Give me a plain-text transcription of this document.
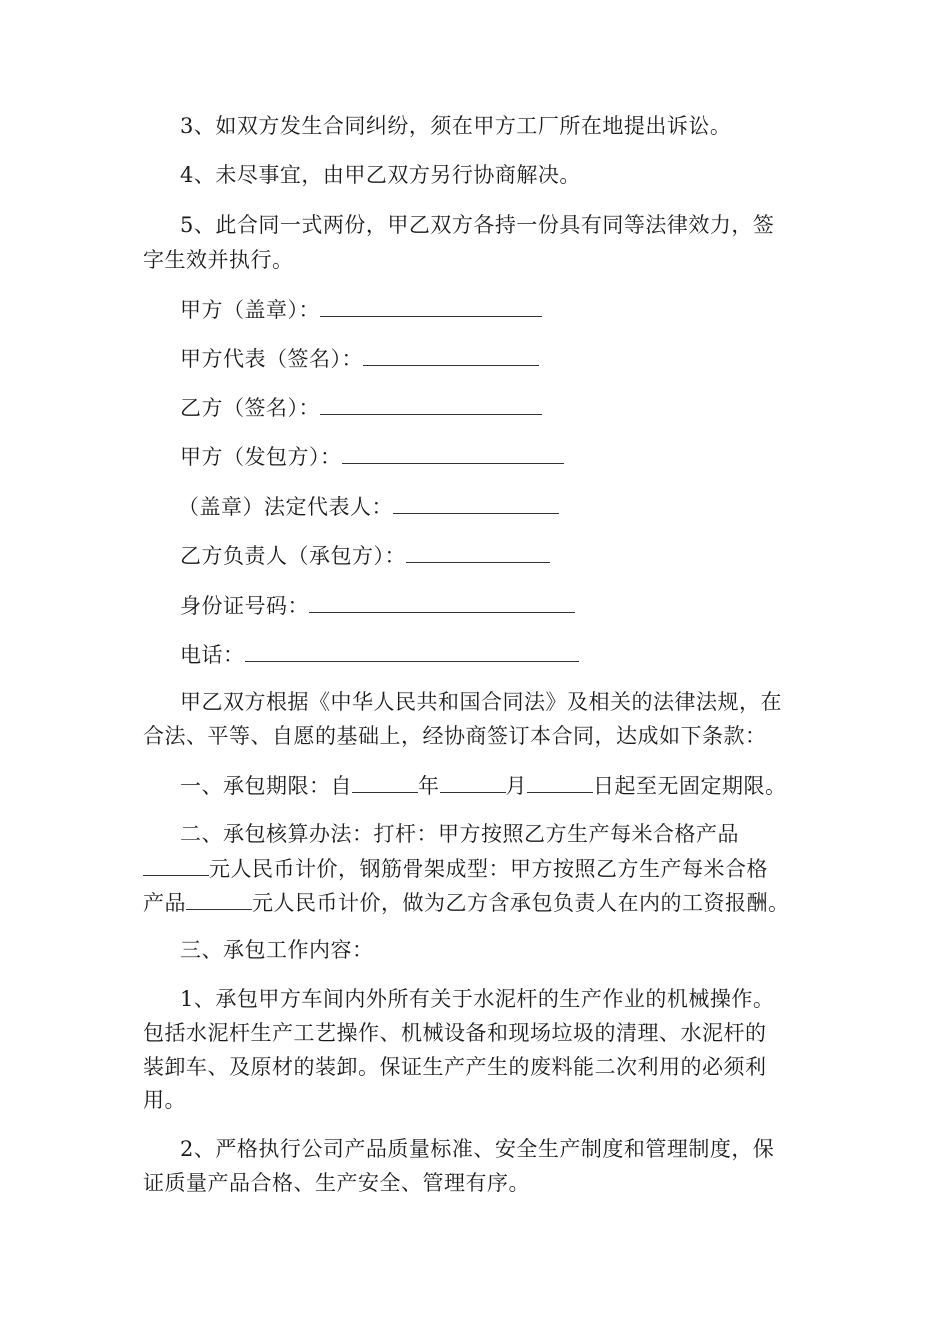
3、如双方发生合同纠纷，须在甲方工厂所在地提出诉讼。
4、未尽事宜，由甲乙双方另行协商解决。
5、此合同一式两份，甲乙双方各持一份具有同等法律效力，签
字生效并执行。
甲方（盖章）：
甲方代表（签名）：
乙方（签名）：
甲方（发包方）：
（盖章）法定代表人：
乙方负责人（承包方）：
身份证号码：
电话：
甲乙双方根据《中华人民共和国合同法》及相关的法律法规，在
合法、平等、自愿的基础上，经协商签订本合同，达成如下条款：
一、承包期限：自	年	月	日起至无固定期限。
二、承包核算办法：打杆：甲方按照乙方生产每米合格产品
元人民币计价，钢筋骨架成型：甲方按照乙方生产每米合格
产品	元人民币计价，做为乙方含承包负责人在内的工资报酬。
三、承包工作内容：
1、承包甲方车间内外所有关于水泥杆的生产作业的机械操作。
包括水泥杆生产工艺操作、机械设备和现场垃圾的清理、水泥杆的
装卸车、及原材的装卸。保证生产产生的废料能二次利用的必须利
用。
2、严格执行公司产品质量标准、安全生产制度和管理制度，保
证质量产品合格、生产安全、管理有序。
